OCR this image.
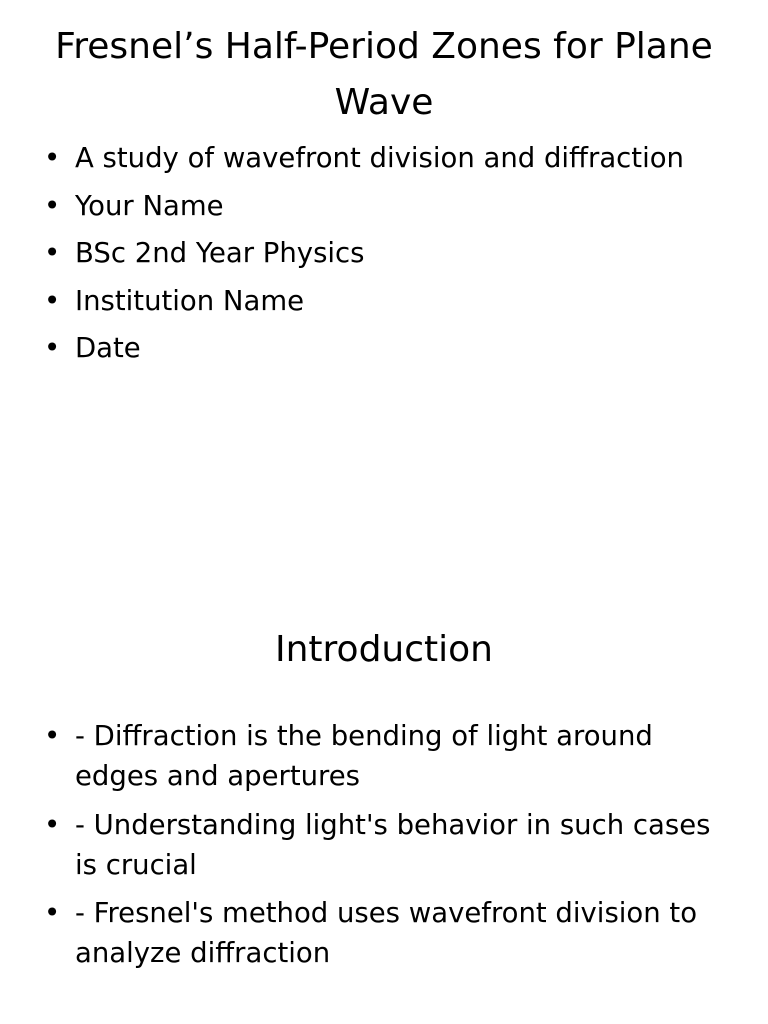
Fresnel’s Half-Period Zones for Plane Wave
• A study of wavefront division and diffraction
• Your Name
• BSc 2nd Year Physics
• Institution Name
• Date
Introduction
• - Diffraction is the bending of light around edges and apertures
• - Understanding light's behavior in such cases is crucial
• - Fresnel's method uses wavefront division to analyze diffraction
